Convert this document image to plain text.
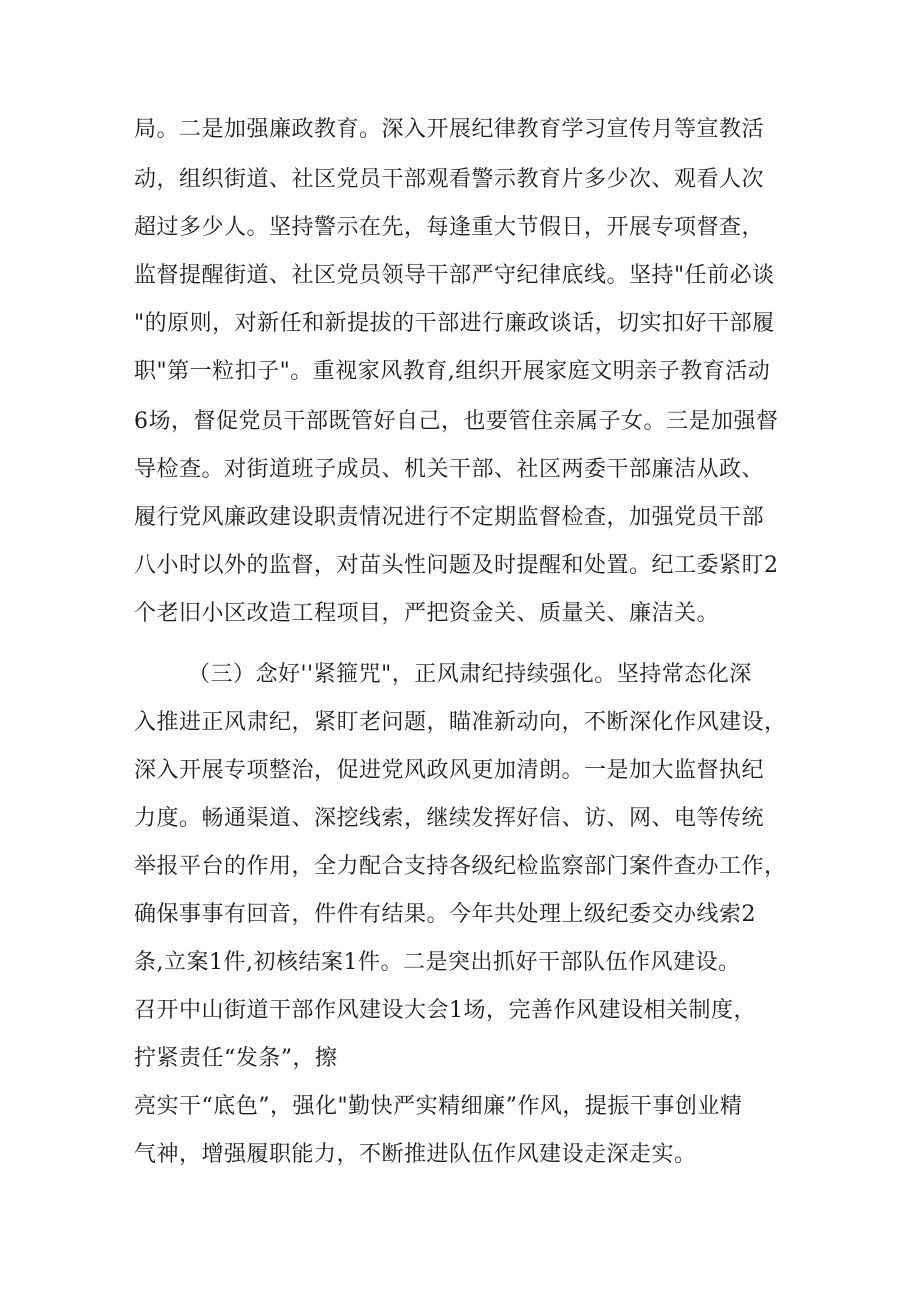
局。二是加强廉政教育。深入开展纪律教育学习宣传月等宣教活
动，组织街道、社区党员干部观看警示教育片多少次、观看人次
超过多少人。坚持警示在先，每逢重大节假日，开展专项督查，
监督提醒街道、社区党员领导干部严守纪律底线。坚持"任前必谈
"的原则，对新任和新提拔的干部进行廉政谈话，切实扣好干部履
职"第一粒扣子"。重视家风教育,组织开展家庭文明亲子教育活动
6场，督促党员干部既管好自己，也要管住亲属子女。三是加强督
导检查。对街道班子成员、机关干部、社区两委干部廉洁从政、
履行党风廉政建设职责情况进行不定期监督检查，加强党员干部
八小时以外的监督，对苗头性问题及时提醒和处置。纪工委紧盯2
个老旧小区改造工程项目，严把资金关、质量关、廉洁关。
（三）念好''紧箍咒"，正风肃纪持续强化。坚持常态化深
入推进正风肃纪，紧盯老问题，瞄准新动向，不断深化作风建设，
深入开展专项整治，促进党风政风更加清朗。一是加大监督执纪
力度。畅通渠道、深挖线索，继续发挥好信、访、网、电等传统
举报平台的作用，全力配合支持各级纪检监察部门案件查办工作，
确保事事有回音，件件有结果。今年共处理上级纪委交办线索2
条,立案1件,初核结案1件。二是突出抓好干部队伍作风建设。
召开中山街道干部作风建设大会1场，完善作风建设相关制度，
拧紧责任“发条”，擦
亮实干“底色”，强化"勤快严实精细廉”作风，提振干事创业精
气神，增强履职能力，不断推进队伍作风建设走深走实。
